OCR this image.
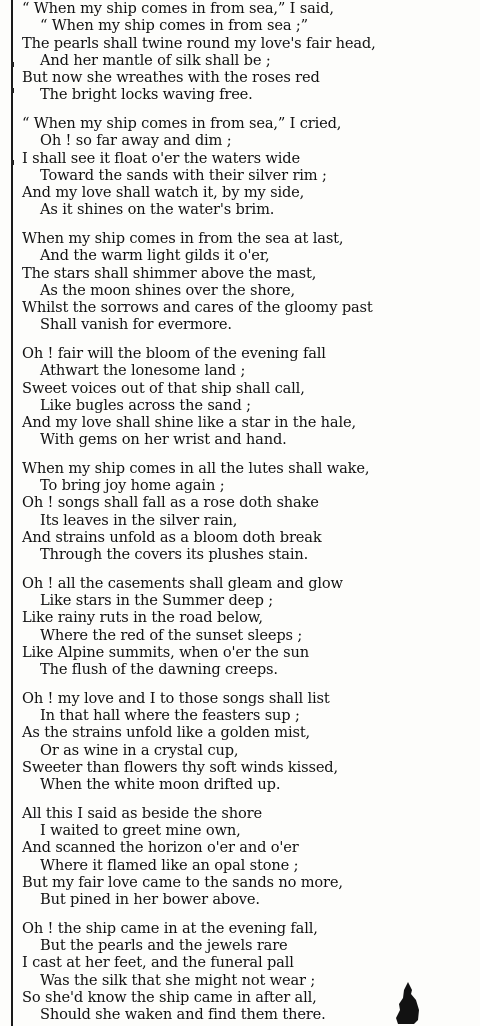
“ When my ship comes in from sea,” I said,
“ When my ship comes in from sea ;”
The pearls shall twine round my love's fair head,
And her mantle of silk shall be ;
But now she wreathes with the roses red
The bright locks waving free.
“ When my ship comes in from sea,” I cried,
Oh ! so far away and dim ;
I shall see it float o'er the waters wide
Toward the sands with their silver rim ;
And my love shall watch it, by my side,
As it shines on the water's brim.
When my ship comes in from the sea at last,
And the warm light gilds it o'er,
The stars shall shimmer above the mast,
As the moon shines over the shore,
Whilst the sorrows and cares of the gloomy past
Shall vanish for evermore.
Oh ! fair will the bloom of the evening fall
Athwart the lonesome land ;
Sweet voices out of that ship shall call,
Like bugles across the sand ;
And my love shall shine like a star in the hale,
With gems on her wrist and hand.
When my ship comes in all the lutes shall wake,
To bring joy home again ;
Oh ! songs shall fall as a rose doth shake
Its leaves in the silver rain,
And strains unfold as a bloom doth break
Through the covers its plushes stain.
Oh ! all the casements shall gleam and glow
Like stars in the Summer deep ;
Like rainy ruts in the road below,
Where the red of the sunset sleeps ;
Like Alpine summits, when o'er the sun
The flush of the dawning creeps.
Oh ! my love and I to those songs shall list
In that hall where the feasters sup ;
As the strains unfold like a golden mist,
Or as wine in a crystal cup,
Sweeter than flowers thy soft winds kissed,
When the white moon drifted up.
All this I said as beside the shore
I waited to greet mine own,
And scanned the horizon o'er and o'er
Where it flamed like an opal stone ;
But my fair love came to the sands no more,
But pined in her bower above.
Oh ! the ship came in at the evening fall,
But the pearls and the jewels rare
I cast at her feet, and the funeral pall
Was the silk that she might not wear ;
So she'd know the ship came in after all,
Should she waken and find them there.
